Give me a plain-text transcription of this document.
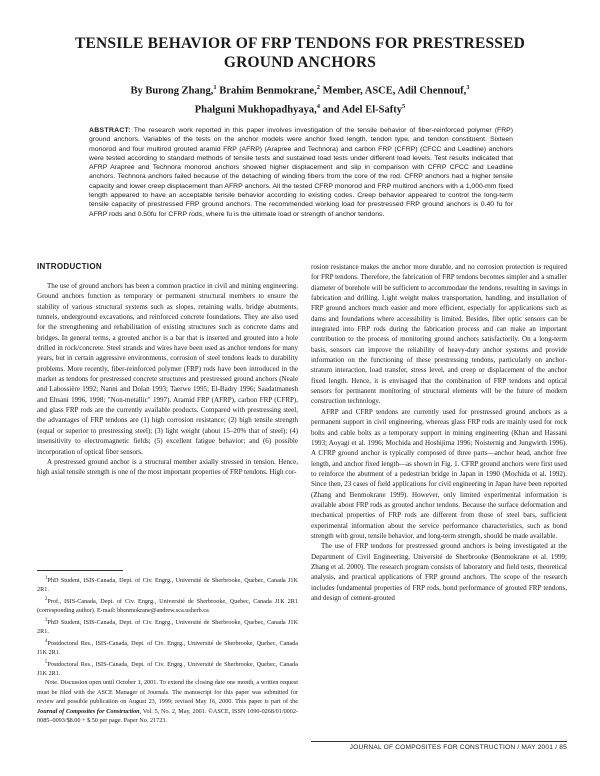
TENSILE BEHAVIOR OF FRP TENDONS FOR PRESTRESSED
GROUND ANCHORS
By Burong Zhang,$^1$ Brahim Benmokrane,$^2$ Member, ASCE, Adil Chennouf,$^3$
Phalguni Mukhopadhyaya,$^4$ and Adel El-Safty$^5$
ABSTRACT: The research work reported in this paper involves investigation of the tensile behavior of fiber-reinforced polymer (FRP) ground anchors. Variables of the tests on the anchor models were anchor fixed length, tendon type, and tendon constituent. Sixteen monorod and four multirod grouted aramid FRP (AFRP) (Arapree and Technora) and carbon FRP (CFRP) (CFCC and Leadline) anchors were tested according to standard methods of tensile tests and sustained load tests under different load levels. Test results indicated that AFRP Arapree and Technora monorod anchors showed higher displacement and slip in comparison with CFRP CFCC and Leadline anchors. Technora anchors failed because of the detaching of winding fibers from the core of the rod. CFRP anchors had a higher tensile capacity and lower creep displacement than AFRP anchors. All the tested CFRP monorod and FRP multirod anchors with a 1,000-mm fixed length appeared to have an acceptable tensile behavior according to existing codes. Creep behavior appeared to control the long-term tensile capacity of prestressed FRP ground anchors. The recommended working load for prestressed FRP ground anchors is 0.40 fu for AFRP rods and 0.50fu for CFRP rods, where fu is the ultimate load or strength of anchor tendons.
INTRODUCTION

The use of ground anchors has been a common practice in civil and mining engineering. Ground anchors function as temporary or permanent structural members to ensure the stability of various structural systems such as slopes, retaining walls, bridge abutments, tunnels, underground excavations, and reinforced concrete foundations. They are also used for the strengthening and rehabilitation of existing structures such as concrete dams and bridges. In general terms, a grouted anchor is a bar that is inserted and grouted into a hole drilled in rock/concrete. Steel strands and wires have been used as anchor tendons for many years, but in certain aggressive environments, corrosion of steel tendons leads to durability problems. More recently, fiber-reinforced polymer (FRP) rods have been introduced in the market as tendons for prestressed concrete structures and prestressed ground anchors (Neale and Labossière 1992; Nanni and Dolan 1993; Taerwe 1995; El-Badry 1996; Saadatmanesh and Ehsani 1996, 1998; "Non-metallic" 1997). Aramid FRP (AFRP), carbon FRP (CFRP), and glass FRP rods are the currently available products. Compared with prestressing steel, the advantages of FRP tendons are (1) high corrosion resistance; (2) high tensile strength (equal or superior to prestressing steel); (3) light weight (about 15–20% that of steel); (4) insensitivity to electromagnetic fields; (5) excellent fatigue behavior; and (6) possible incorporation of optical fiber sensors.

A prestressed ground anchor is a structural member axially stressed in tension. Hence, high axial tensile strength is one of the most important properties of FRP tendons. High cor-

$^1$PhD Student, ISIS-Canada, Dept. of Civ. Engrg., Université de Sherbrooke, Quebec, Canada J1K 2R1.
$^2$Prof., ISIS-Canada, Dept. of Civ. Engrg., Université de Sherbrooke, Quebec, Canada J1K 2R1 (corresponding author). E-mail: bbenmokrane@andrew.sca.usherb.ca
$^3$PhD Student, ISIS-Canada, Dept. of Civ. Engrg., Université de Sherbrooke, Quebec, Canada J1K 2R1.
$^4$Postdoctoral Res., ISIS-Canada, Dept. of Civ. Engrg., Université de Sherbrooke, Quebec, Canada J1K 2R1.
$^5$Postdoctoral Res., ISIS-Canada, Dept. of Civ. Engrg., Université de Sherbrooke, Quebec, Canada J1K 2R1.
Note. Discussion open until October 1, 2001. To extend the closing date one month, a written request must be filed with the ASCE Manager of Journals. The manuscript for this paper was submitted for review and possible publication on August 23, 1999; revised May 16, 2000. This paper is part of the Journal of Composites for Construction, Vol. 5, No. 2, May, 2001. ©ASCE, ISSN 1090-0268/01/0002-0085–0093/$8.00 + $.50 per page. Paper No. 21723.

rosion resistance makes the anchor more durable, and no corrosion protection is required for FRP tendons. Therefore, the fabrication of FRP tendons becomes simpler and a smaller diameter of borehole will be sufficient to accommodate the tendons, resulting in savings in fabrication and drilling. Light weight makes transportation, handling, and installation of FRP ground anchors much easier and more efficient, especially for applications such as dams and foundations where accessibility is limited. Besides, fiber optic sensors can be integrated into FRP rods during the fabrication process and can make an important contribution to the process of monitoring ground anchors satisfactorily. On a long-term basis, sensors can improve the reliability of heavy-duty anchor systems and provide information on the functioning of these prestressing tendons, particularly on anchor-stratum interaction, load transfer, stress level, and creep or displacement of the anchor fixed length. Hence, it is envisaged that the combination of FRP tendons and optical sensors for permanent monitoring of structural elements will be the future of modern construction technology.

AFRP and CFRP tendons are currently used for prestressed ground anchors as a permanent support in civil engineering, whereas glass FRP rods are mainly used for rock bolts and cable bolts as a temporary support in mining engineering (Khan and Hassani 1993; Aoyagi et al. 1996; Mochida and Hoshijima 1996; Noisternig and Jungwirth 1996). A CFRP ground anchor is typically composed of three parts—anchor head, anchor free length, and anchor fixed length—as shown in Fig. 1. CFRP ground anchors were first used to reinforce the abutment of a pedestrian bridge in Japan in 1990 (Mochida et al. 1992). Since then, 23 cases of field applications for civil engineering in Japan have been reported (Zhang and Benmokrane 1999). However, only limited experimental information is available about FRP rods as grouted anchor tendons. Because the surface deformation and mechanical properties of FRP rods are different from those of steel bars, sufficient experimental information about the service performance characteristics, such as bond strength with grout, tensile behavior, and long-term strength, should be made available.

The use of FRP tendons for prestressed ground anchors is being investigated at the Department of Civil Engineering, Université de Sherbrooke (Benmokrane et al. 1999; Zhang et al. 2000). The research program consists of laboratory and field tests, theoretical analysis, and practical applications of FRP ground anchors. The scope of the research includes fundamental properties of FRP rods, bond performance of grouted FRP tendons, and design of cement-grouted

JOURNAL OF COMPOSITES FOR CONSTRUCTION / MAY 2001 / 85
